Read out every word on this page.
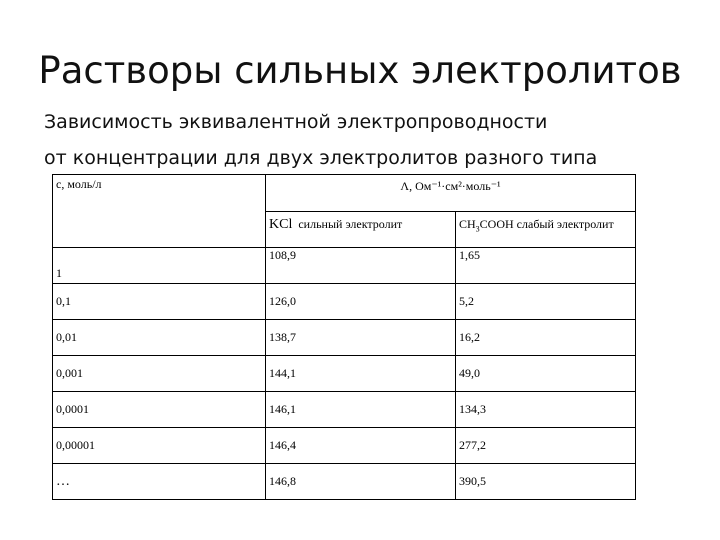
Растворы сильных электролитов
Зависимость эквивалентной электропроводности
от концентрации для двух электролитов разного типа
с, моль/л	Λ, Ом⁻¹·см²·моль⁻¹	
	KCl сильный электролит	$CH_3COOH$ слабый электролит
1	108,9	1,65
0,1	126,0	5,2
0,01	138,7	16,2
0,001	144,1	49,0
0,0001	146,1	134,3
0,00001	146,4	277,2
…	146,8	390,5
